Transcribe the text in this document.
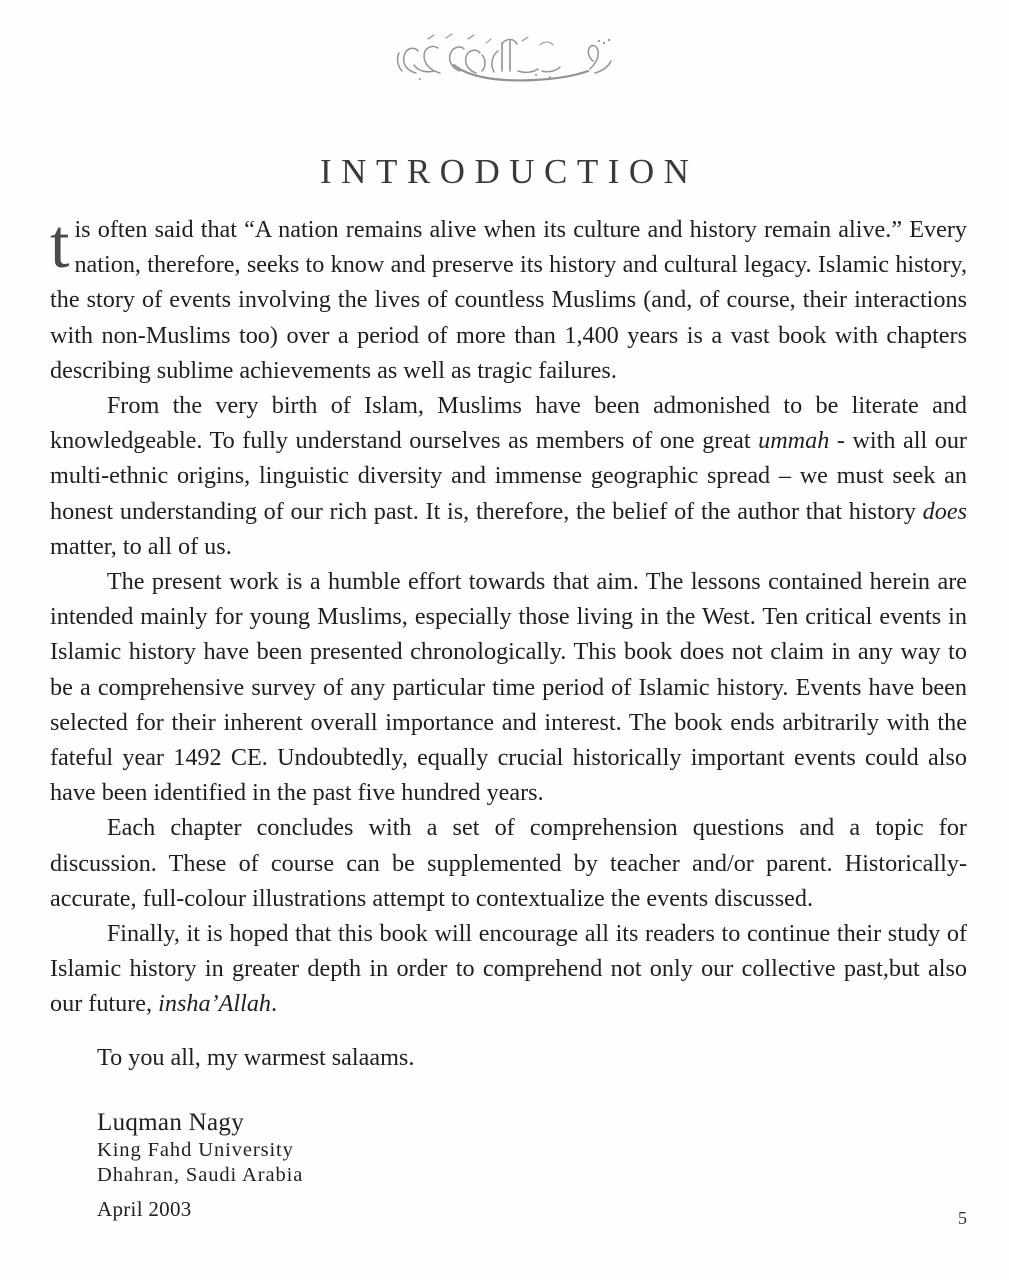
INTRODUCTION

tis often said that “A nation remains alive when its culture and history remain alive.” Every nation, therefore, seeks to know and preserve its history and cultural legacy. Islamic history, the story of events involving the lives of countless Muslims (and, of course, their interactions with non-Muslims too) over a period of more than 1,400 years is a vast book with chapters describing sublime achievements as well as tragic failures.

From the very birth of Islam, Muslims have been admonished to be literate and knowledgeable. To fully understand ourselves as members of one great ummah - with all our multi-ethnic origins, linguistic diversity and immense geographic spread – we must seek an honest understanding of our rich past. It is, therefore, the belief of the author that history does matter, to all of us.

The present work is a humble effort towards that aim. The lessons contained herein are intended mainly for young Muslims, especially those living in the West. Ten critical events in Islamic history have been presented chronologically. This book does not claim in any way to be a comprehensive survey of any particular time period of Islamic history. Events have been selected for their inherent overall importance and interest. The book ends arbitrarily with the fateful year 1492 CE. Undoubtedly, equally crucial historically important events could also have been identified in the past five hundred years.

Each chapter concludes with a set of comprehension questions and a topic for discussion. These of course can be supplemented by teacher and/or parent. Historically-accurate, full-colour illustrations attempt to contextualize the events discussed.

Finally, it is hoped that this book will encourage all its readers to continue their study of Islamic history in greater depth in order to comprehend not only our collective past,but also our future, insha’Allah.

To you all, my warmest salaams.
Luqman Nagy
King Fahd University
Dhahran, Saudi Arabia
April 2003	5
